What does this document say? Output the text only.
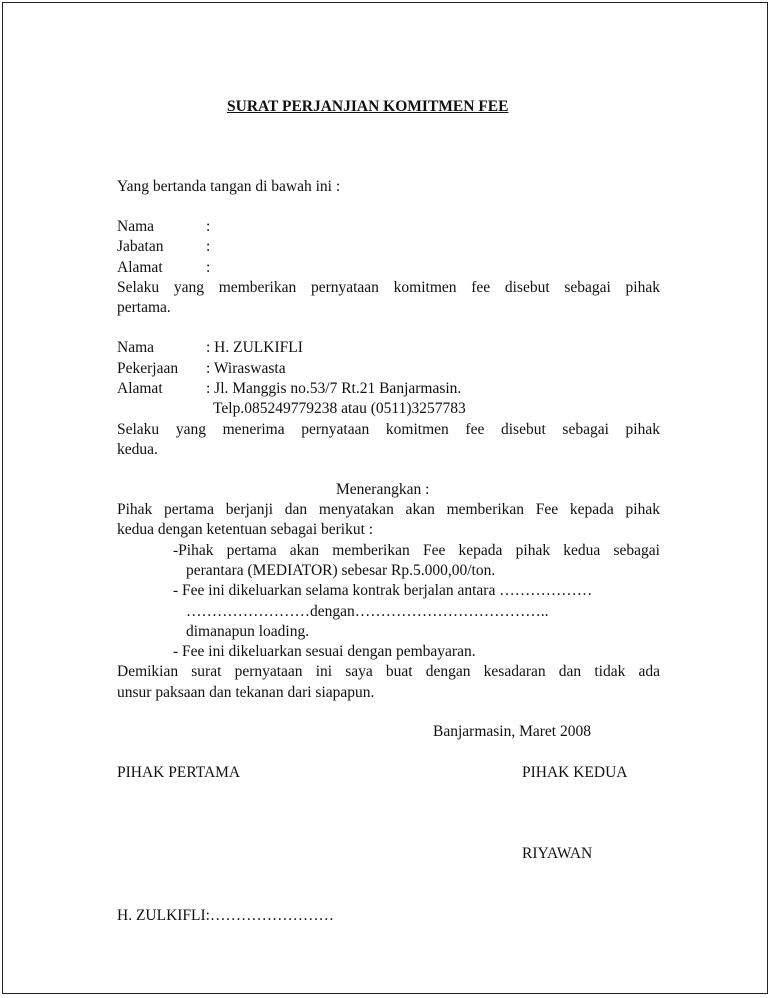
SURAT PERJANJIAN KOMITMEN FEE
Yang bertanda tangan di bawah ini :
Nama	:
Jabatan	:
Alamat	:
Selaku yang memberikan pernyataan komitmen fee disebut sebagai pihak
pertama.
Nama	: H. ZULKIFLI
Pekerjaan : Wiraswasta
Alamat	: Jl. Manggis no.53/7 Rt.21 Banjarmasin.
Telp.085249779238 atau (0511)3257783
Selaku yang menerima pernyataan komitmen fee disebut sebagai pihak
kedua.
Menerangkan :
Pihak pertama berjanji dan menyatakan akan memberikan Fee kepada pihak
kedua dengan ketentuan sebagai berikut :
-Pihak pertama akan memberikan Fee kepada pihak kedua sebagai
perantara (MEDIATOR) sebesar Rp.5.000,00/ton.
- Fee ini dikeluarkan selama kontrak berjalan antara ………………
……………………dengan………………………………..
dimanapun loading.
- Fee ini dikeluarkan sesuai dengan pembayaran.
Demikian surat pernyataan ini saya buat dengan kesadaran dan tidak ada
unsur paksaan dan tekanan dari siapapun.
Banjarmasin, Maret 2008
PIHAK PERTAMA	PIHAK KEDUA
RIYAWAN
H. ZULKIFLI:……………………
